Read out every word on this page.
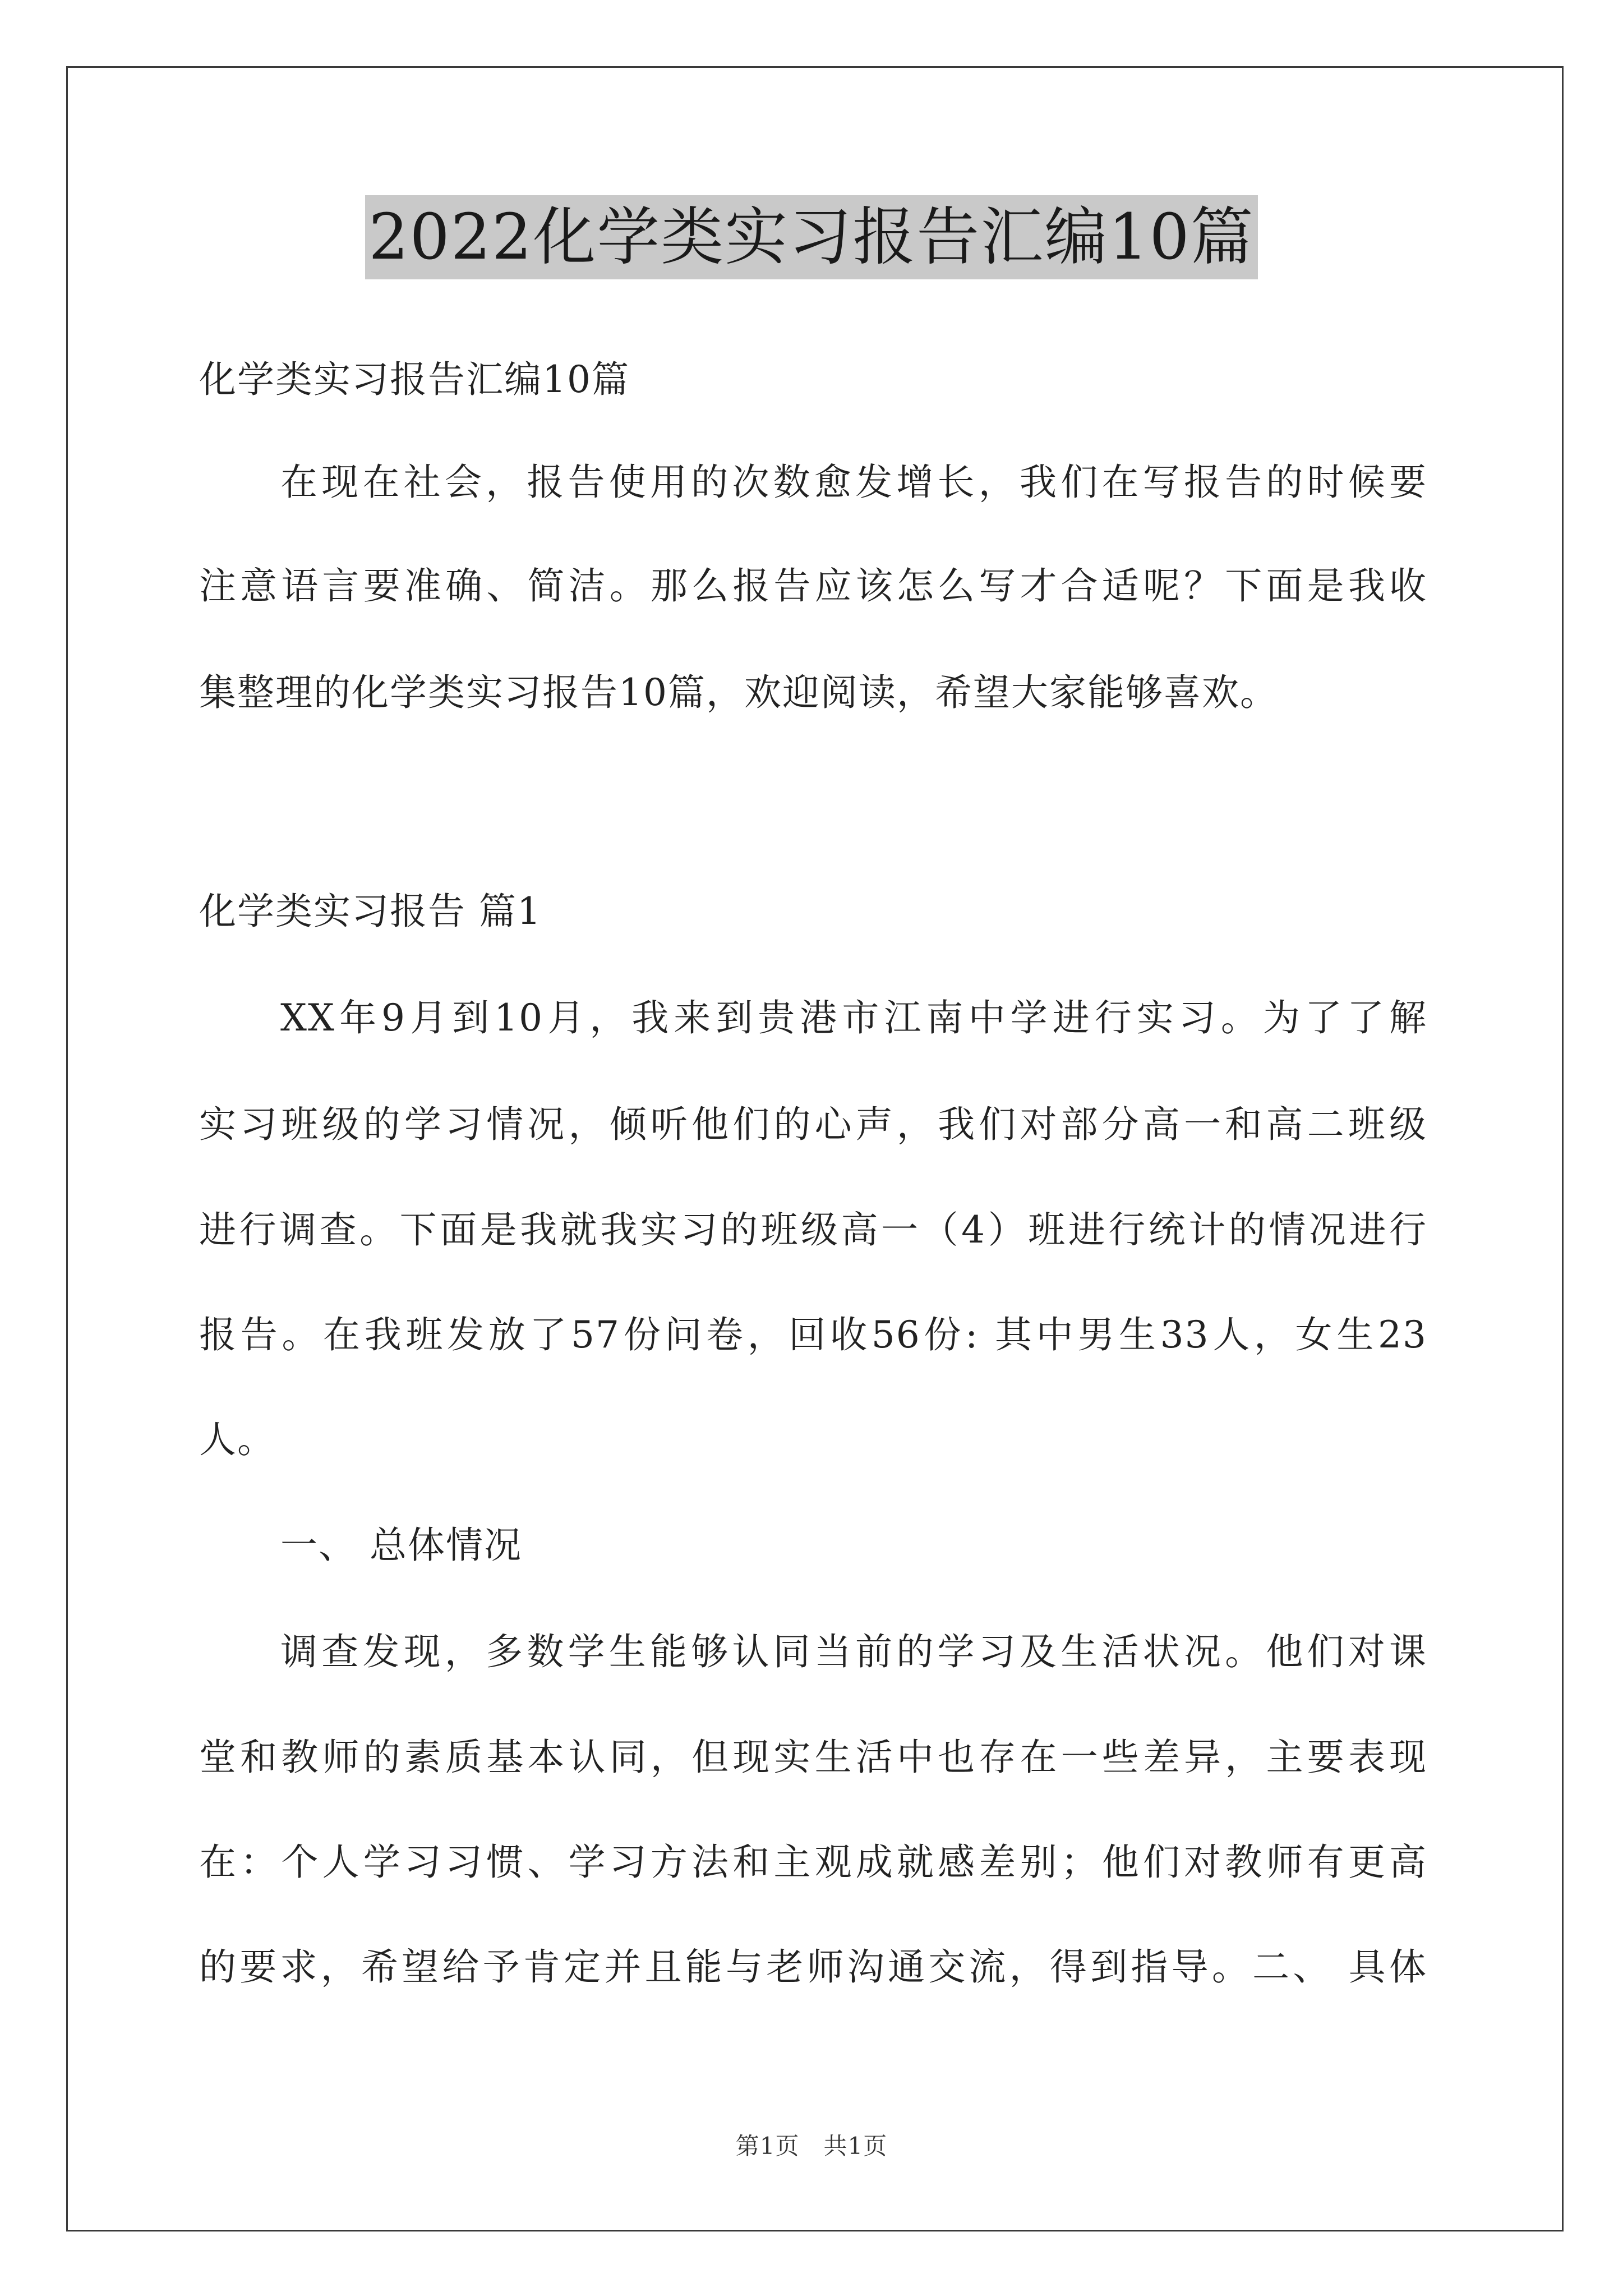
2022化学类实习报告汇编10篇
化学类实习报告汇编10篇
在现在社会，报告使用的次数愈发增长，我们在写报告的时候要
注意语言要准确、简洁。那么报告应该怎么写才合适呢？下面是我收
集整理的化学类实习报告10篇，欢迎阅读，希望大家能够喜欢。
化学类实习报告 篇1
XX年9月到10月，我来到贵港市江南中学进行实习。为了了解
实习班级的学习情况，倾听他们的心声，我们对部分高一和高二班级
进行调查。下面是我就我实习的班级高一（4）班进行统计的情况进行
报告。在我班发放了57份问卷，回收56份: 其中男生33人，女生23
人。
一、 总体情况
调查发现，多数学生能够认同当前的学习及生活状况。他们对课
堂和教师的素质基本认同，但现实生活中也存在一些差异，主要表现
在：个人学习习惯、学习方法和主观成就感差别；他们对教师有更高
的要求，希望给予肯定并且能与老师沟通交流，得到指导。二、 具体
第1页　共1页
